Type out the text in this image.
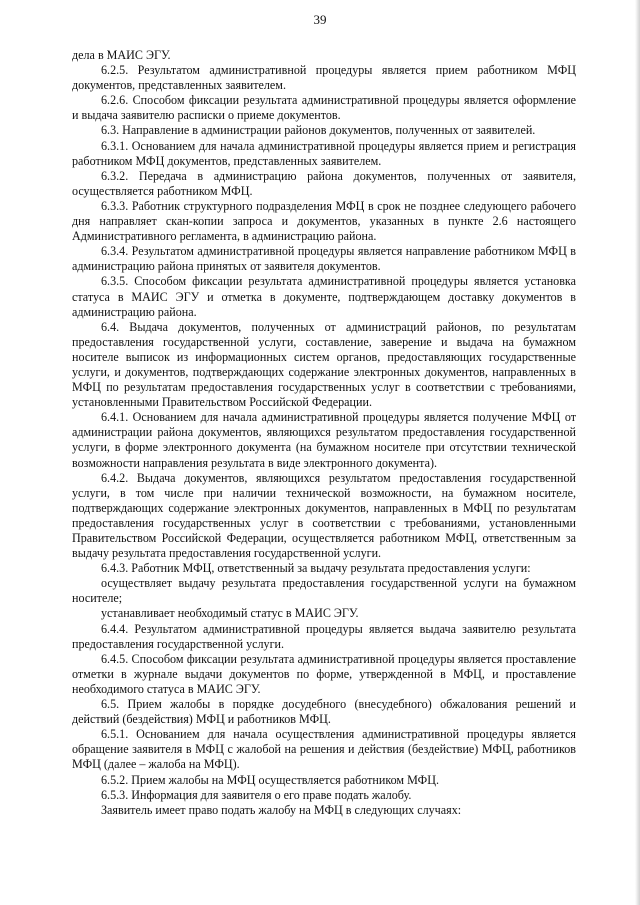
39

дела в МАИС ЭГУ.

6.2.5. Результатом административной процедуры является прием работником МФЦ документов, представленных заявителем.

6.2.6. Способом фиксации результата административной процедуры является оформление и выдача заявителю расписки о приеме документов.

6.3. Направление в администрации районов документов, полученных от заявителей.

6.3.1. Основанием для начала административной процедуры является прием и регистрация работником МФЦ документов, представленных заявителем.

6.3.2. Передача в администрацию района документов, полученных от заявителя, осуществляется работником МФЦ.

6.3.3. Работник структурного подразделения МФЦ в срок не позднее следующего рабочего дня направляет скан-копии запроса и документов, указанных в пункте 2.6 настоящего Административного регламента, в администрацию района.

6.3.4. Результатом административной процедуры является направление работником МФЦ в администрацию района принятых от заявителя документов.

6.3.5. Способом фиксации результата административной процедуры является установка статуса в МАИС ЭГУ и отметка в документе, подтверждающем доставку документов в администрацию района.

6.4. Выдача документов, полученных от администраций районов, по результатам предоставления государственной услуги, составление, заверение и выдача на бумажном носителе выписок из информационных систем органов, предоставляющих государственные услуги, и документов, подтверждающих содержание электронных документов, направленных в МФЦ по результатам предоставления государственных услуг в соответствии с требованиями, установленными Правительством Российской Федерации.

6.4.1. Основанием для начала административной процедуры является получение МФЦ от администрации района документов, являющихся результатом предоставления государственной услуги, в форме электронного документа (на бумажном носителе при отсутствии технической возможности направления результата в виде электронного документа).

6.4.2. Выдача документов, являющихся результатом предоставления государственной услуги, в том числе при наличии технической возможности, на бумажном носителе, подтверждающих содержание электронных документов, направленных в МФЦ по результатам предоставления государственных услуг в соответствии с требованиями, установленными Правительством Российской Федерации, осуществляется работником МФЦ, ответственным за выдачу результата предоставления государственной услуги.

6.4.3. Работник МФЦ, ответственный за выдачу результата предоставления услуги:

осуществляет выдачу результата предоставления государственной услуги на бумажном носителе;

устанавливает необходимый статус в МАИС ЭГУ.

6.4.4. Результатом административной процедуры является выдача заявителю результата предоставления государственной услуги.

6.4.5. Способом фиксации результата административной процедуры является проставление отметки в журнале выдачи документов по форме, утвержденной в МФЦ, и проставление необходимого статуса в МАИС ЭГУ.

6.5. Прием жалобы в порядке досудебного (внесудебного) обжалования решений и действий (бездействия) МФЦ и работников МФЦ.

6.5.1. Основанием для начала осуществления административной процедуры является обращение заявителя в МФЦ с жалобой на решения и действия (бездействие) МФЦ, работников МФЦ (далее – жалоба на МФЦ).

6.5.2. Прием жалобы на МФЦ осуществляется работником МФЦ.

6.5.3. Информация для заявителя о его праве подать жалобу.

Заявитель имеет право подать жалобу на МФЦ в следующих случаях:
